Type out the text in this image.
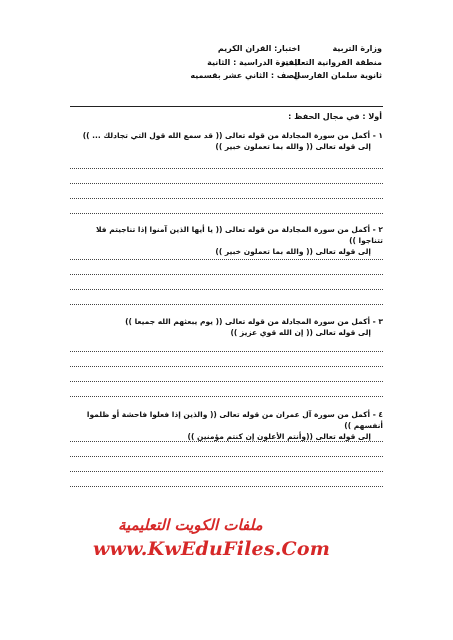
وزارة التربية
منطقة الفروانية التعليمية
ثانوية سلمان الفارسي
اختبار: القران الكريم
الفترة الدراسية : الثانية
الصف : الثاني عشر بقسميه
أولا : في مجال الحفظ :
١ - أكمل من سورة المجادلة من قوله تعالى (( قد سمع الله قول التي تجادلك ... ))
إلى قوله تعالى (( والله بما تعملون خبير ))
٢ - أكمل من سورة المجادلة من قوله تعالى (( يا أيها الذين آمنوا إذا تناجيتم فلا تتناجوا ))
إلى قوله تعالى (( والله بما تعملون خبير ))
٣ - أكمل من سورة المجادلة من قوله تعالى (( يوم يبعثهم الله جميعا ))
إلى قوله تعالى (( إن الله قوي عزيز ))
٤ - أكمل من سورة آل عمران من قوله تعالى (( والذين إذا فعلوا فاحشة أو ظلموا أنفسهم ))
إلى قوله تعالى ((وأنتم الأعلون إن كنتم مؤمنين ))
ملفات الكويت التعليمية
www.KwEduFiles.Com
